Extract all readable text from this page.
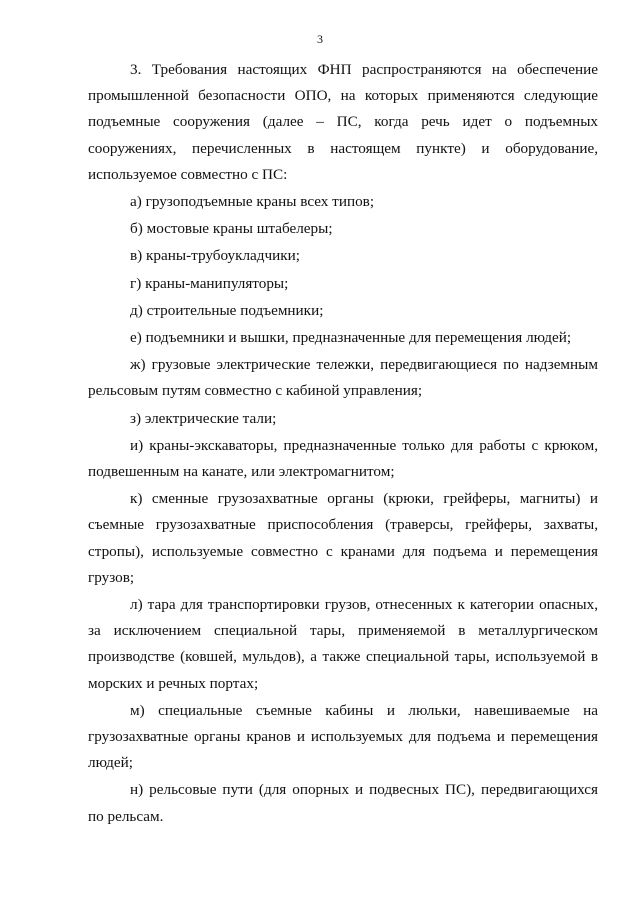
3

3. Требования настоящих ФНП распространяются на обеспечение промышленной безопасности ОПО, на которых применяются следующие подъемные сооружения (далее – ПС, когда речь идет о подъемных сооружениях, перечисленных в настоящем пункте) и оборудование, используемое совместно с ПС:

а) грузоподъемные краны всех типов;

б) мостовые краны штабелеры;

в) краны-трубоукладчики;

г) краны-манипуляторы;

д) строительные подъемники;

е) подъемники и вышки, предназначенные для перемещения людей;

ж) грузовые электрические тележки, передвигающиеся по надземным рельсовым путям совместно с кабиной управления;

з) электрические тали;

и) краны-экскаваторы, предназначенные только для работы с крюком, подвешенным на канате, или электромагнитом;

к) сменные грузозахватные органы (крюки, грейферы, магниты) и съемные грузозахватные приспособления (траверсы, грейферы, захваты, стропы), используемые совместно с кранами для подъема и перемещения грузов;

л) тара для транспортировки грузов, отнесенных к категории опасных, за исключением специальной тары, применяемой в металлургическом производстве (ковшей, мульдов), а также специальной тары, используемой в морских и речных портах;

м) специальные съемные кабины и люльки, навешиваемые на грузозахватные органы кранов и используемых для подъема и перемещения людей;

н) рельсовые пути (для опорных и подвесных ПС), передвигающихся по рельсам.
